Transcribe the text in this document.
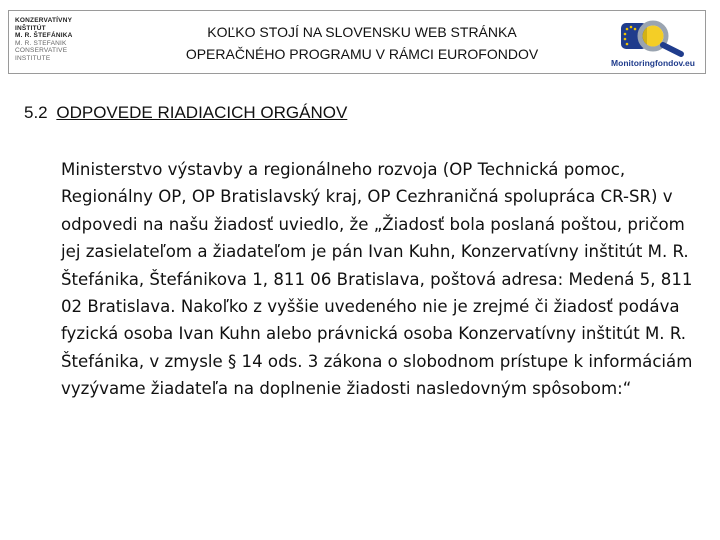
KONZERVATÍVNY
INŠTITÚT
M. R. ŠTEFÁNIKA
M. R. STEFANIK
CONSERVATIVE
INSTITUTE
KOĽKO STOJÍ NA SLOVENSKU WEB STRÁNKA
OPERAČNÉHO PROGRAMU V RÁMCI EUROFONDOV
Monitoringfondov.eu
5.2 ODPOVEDE RIADIACICH ORGÁNOV
Ministerstvo výstavby a regionálneho rozvoja (OP Technická pomoc, Regionálny OP, OP Bratislavský kraj, OP Cezhraničná spolupráca CR-SR) v odpovedi na našu žiadosť uviedlo, že „Žiadosť bola poslaná poštou, pričom jej zasielateľom a žiadateľom je pán Ivan Kuhn, Konzervatívny inštitút M. R. Štefánika, Štefánikova 1, 811 06 Bratislava, poštová adresa: Medená 5, 811 02 Bratislava. Nakoľko z vyššie uvedeného nie je zrejmé či žiadosť podáva fyzická osoba Ivan Kuhn alebo právnická osoba Konzervatívny inštitút M. R. Štefánika, v zmysle § 14 ods. 3 zákona o slobodnom prístupe k informáciám vyzývame žiadateľa na doplnenie žiadosti nasledovným spôsobom:“
